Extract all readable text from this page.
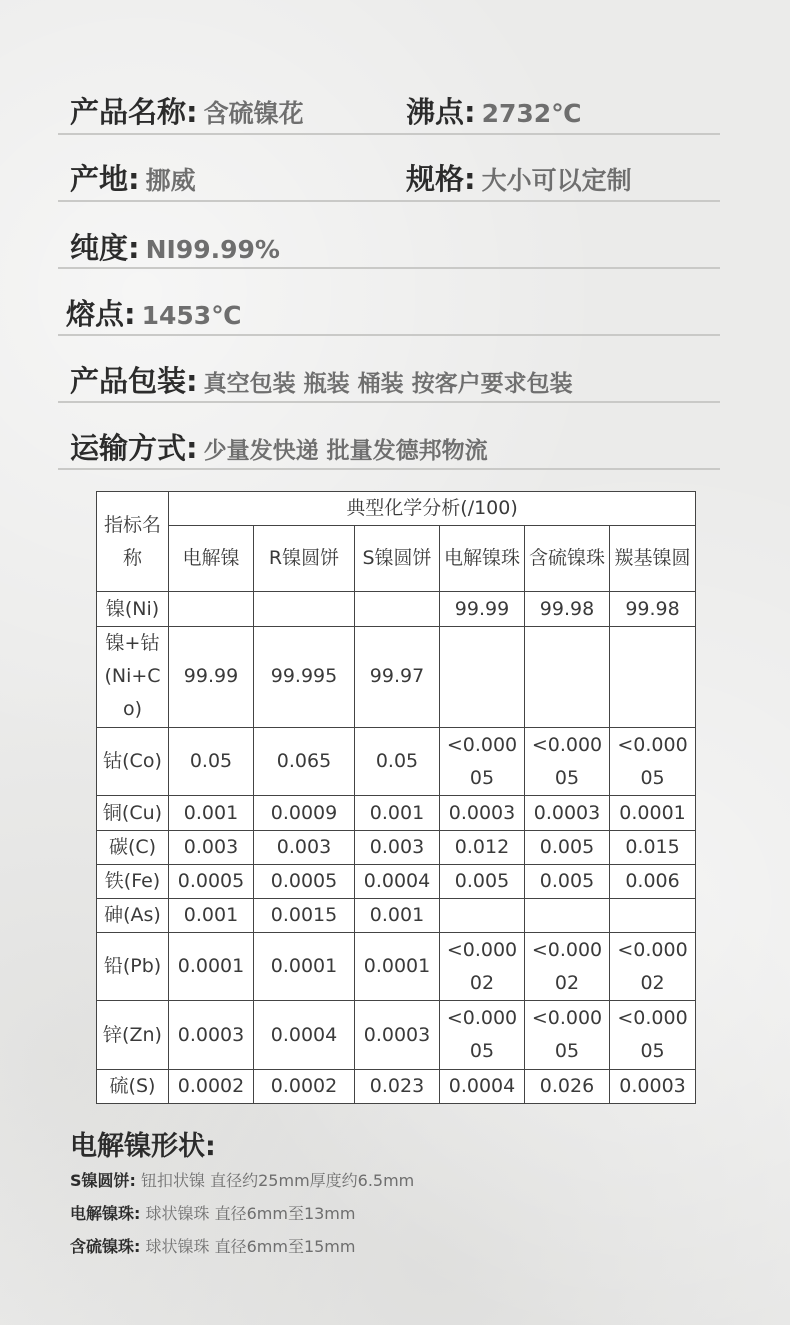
产品名称 : 含硫镍花	沸点 : 2732℃
产地 : 挪威	规格 : 大小可以定制
纯度 : NI99.99%
熔点 : 1453℃
产品包装 : 真空包装 瓶装 桶装 按客户要求包装
运输方式 : 少量发快递 批量发德邦物流
指标名称	典型化学分析(/100)					
	电解镍	R镍圆饼	S镍圆饼	电解镍珠	含硫镍珠	羰基镍圆
镍(Ni)				99.99	99.98	99.98
镍+钴(Ni+Co)	99.99	99.995	99.97			
钴(Co)	0.05	0.065	0.05	<0.00005	<0.00005	<0.00005
铜(Cu)	0.001	0.0009	0.001	0.0003	0.0003	0.0001
碳(C)	0.003	0.003	0.003	0.012	0.005	0.015
铁(Fe)	0.0005	0.0005	0.0004	0.005	0.005	0.006
砷(As)	0.001	0.0015	0.001			
铅(Pb)	0.0001	0.0001	0.0001	<0.00002	<0.00002	<0.00002
锌(Zn)	0.0003	0.0004	0.0003	<0.00005	<0.00005	<0.00005
硫(S)	0.0002	0.0002	0.023	0.0004	0.026	0.0003
电解镍形状:
S镍圆饼: 钮扣状镍 直径约25mm厚度约6.5mm
电解镍珠: 球状镍珠 直径6mm至13mm
含硫镍珠: 球状镍珠 直径6mm至15mm
